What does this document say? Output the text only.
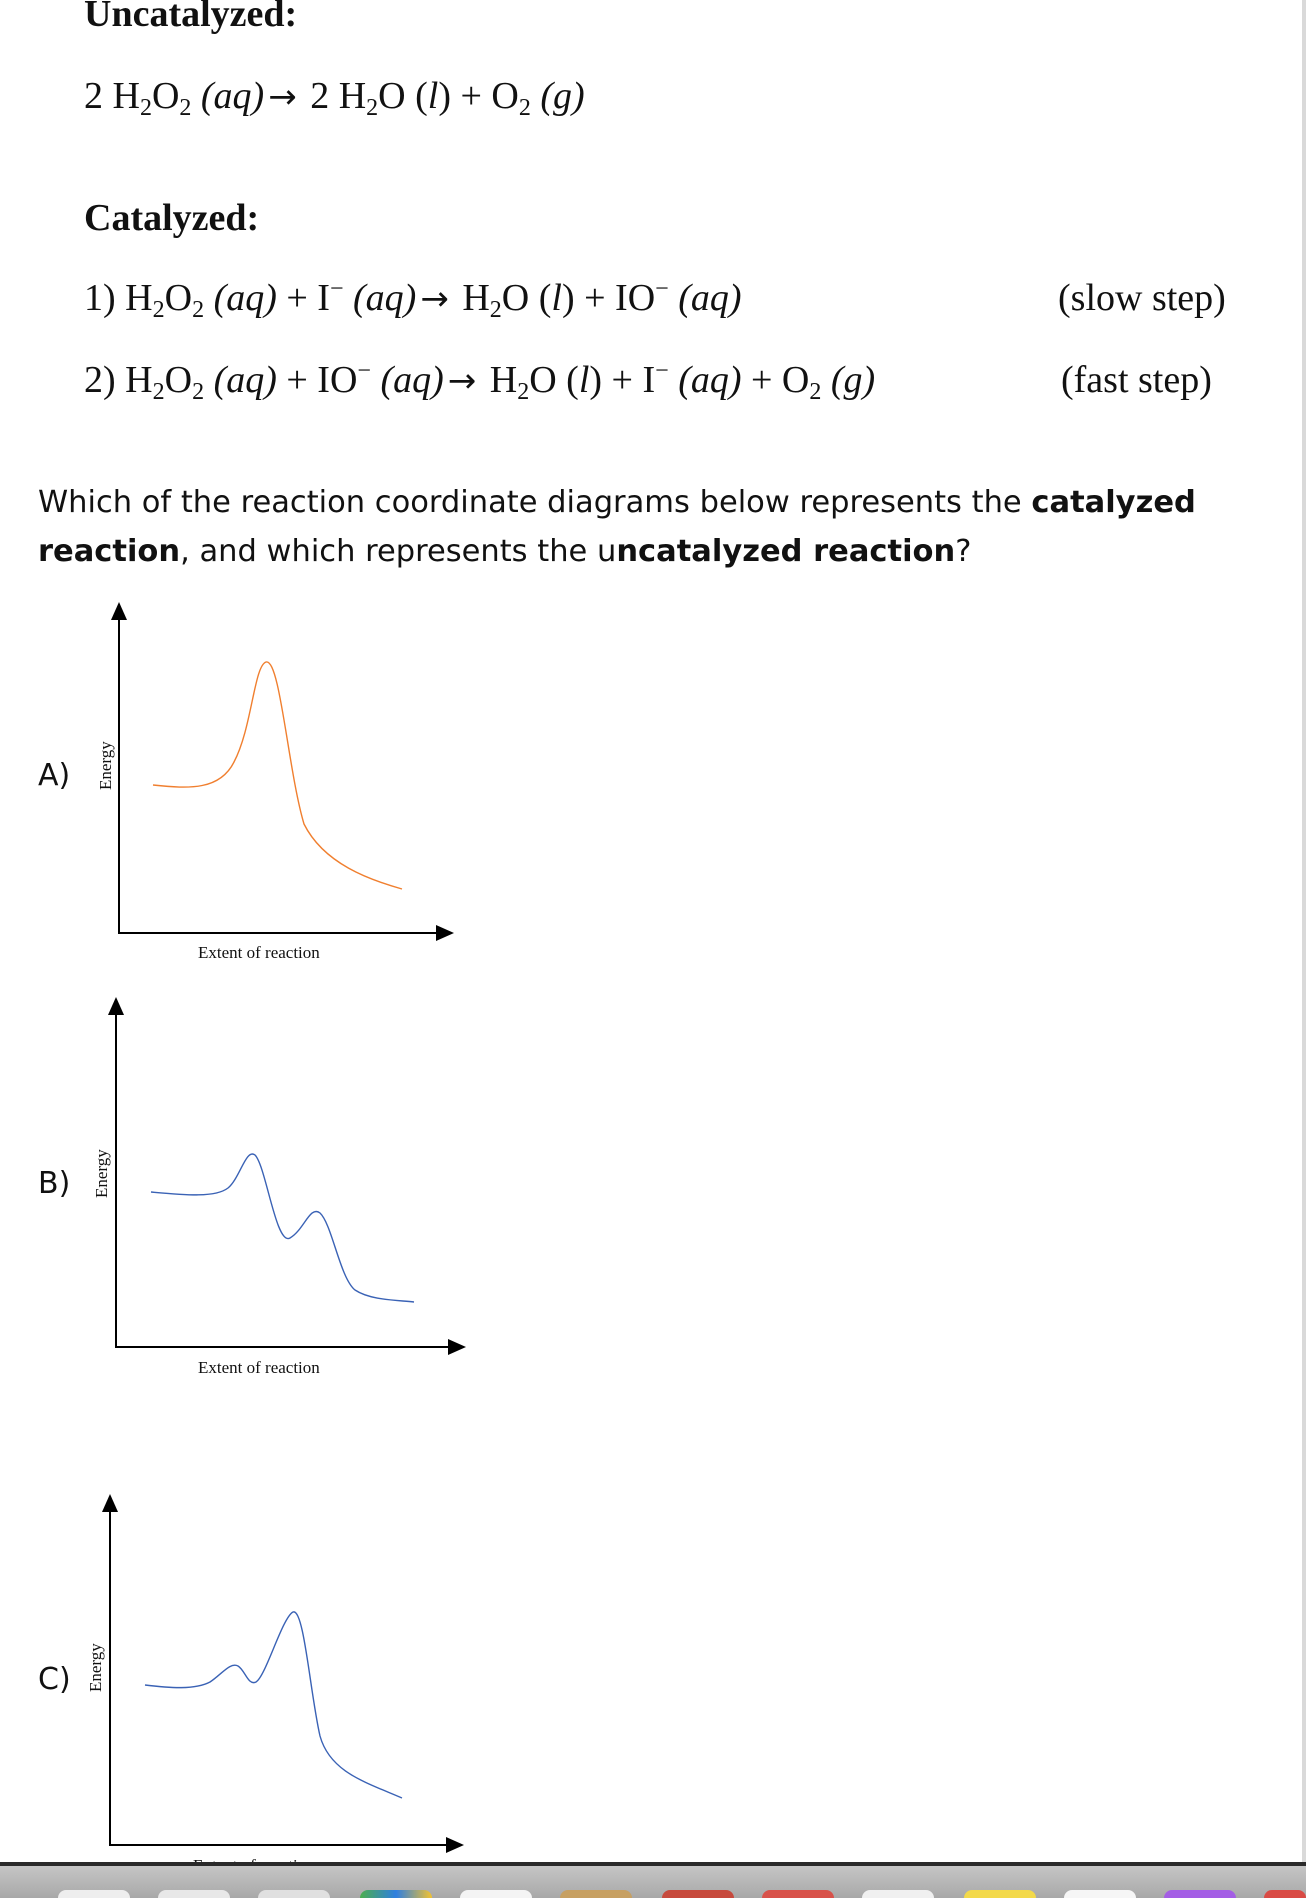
Uncatalyzed:
2 $H_2O_2$ (aq) → 2 $H_2O$ $(l) + O_2$ (g)
Catalyzed:
1) $H_2O_2$ (aq) + I− $(aq) \to H_2O$ (l) + IO− (aq)	(slow step)
2) $H_2O_2$ (aq) + IO− $(aq) \to H_2O$ (l) + I− $(aq) + O_2$ (g)	(fast step)
Which of the reaction coordinate diagrams below represents the catalyzed reaction, and which represents the uncatalyzed reaction?
A)
B)
C)
Energy
Extent of reaction
Energy
Extent of reaction
Energy
